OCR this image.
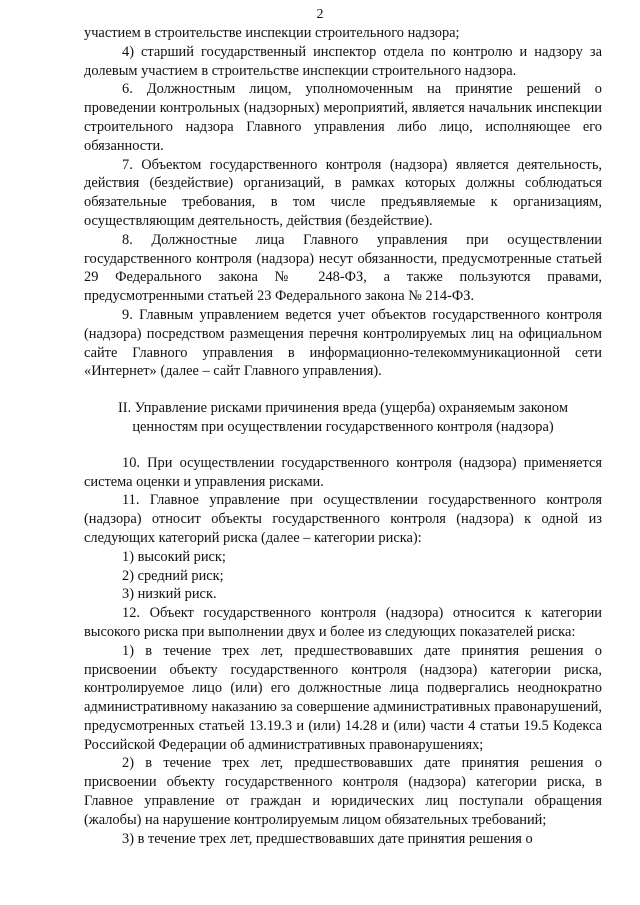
2

участием в строительстве инспекции строительного надзора;

4) старший государственный инспектор отдела по контролю и надзору за долевым участием в строительстве инспекции строительного надзора.

6. Должностным лицом, уполномоченным на принятие решений о проведении контрольных (надзорных) мероприятий, является начальник инспекции строительного надзора Главного управления либо лицо, исполняющее его обязанности.

7. Объектом государственного контроля (надзора) является деятельность, действия (бездействие) организаций, в рамках которых должны соблюдаться обязательные требования, в том числе предъявляемые к организациям, осуществляющим деятельность, действия (бездействие).

8. Должностные лица Главного управления при осуществлении государственного контроля (надзора) несут обязанности, предусмотренные статьей 29 Федерального закона № 248-ФЗ, а также пользуются правами, предусмотренными статьей 23 Федерального закона № 214-ФЗ.

9. Главным управлением ведется учет объектов государственного контроля (надзора) посредством размещения перечня контролируемых лиц на официальном сайте Главного управления в информационно-телекоммуникационной сети «Интернет» (далее – сайт Главного управления).

II. Управление рисками причинения вреда (ущерба) охраняемым законом
ценностям при осуществлении государственного контроля (надзора)

10. При осуществлении государственного контроля (надзора) применяется система оценки и управления рисками.

11. Главное управление при осуществлении государственного контроля (надзора) относит объекты государственного контроля (надзора) к одной из следующих категорий риска (далее – категории риска):

1) высокий риск;

2) средний риск;

3) низкий риск.

12. Объект государственного контроля (надзора) относится к категории высокого риска при выполнении двух и более из следующих показателей риска:

1) в течение трех лет, предшествовавших дате принятия решения о присвоении объекту государственного контроля (надзора) категории риска, контролируемое лицо (или) его должностные лица подвергались неоднократно административному наказанию за совершение административных правонарушений, предусмотренных статьей 13.19.3 и (или) 14.28 и (или) части 4 статьи 19.5 Кодекса Российской Федерации об административных правонарушениях;

2) в течение трех лет, предшествовавших дате принятия решения о присвоении объекту государственного контроля (надзора) категории риска, в Главное управление от граждан и юридических лиц поступали обращения (жалобы) на нарушение контролируемым лицом обязательных требований;

3) в течение трех лет, предшествовавших дате принятия решения о
